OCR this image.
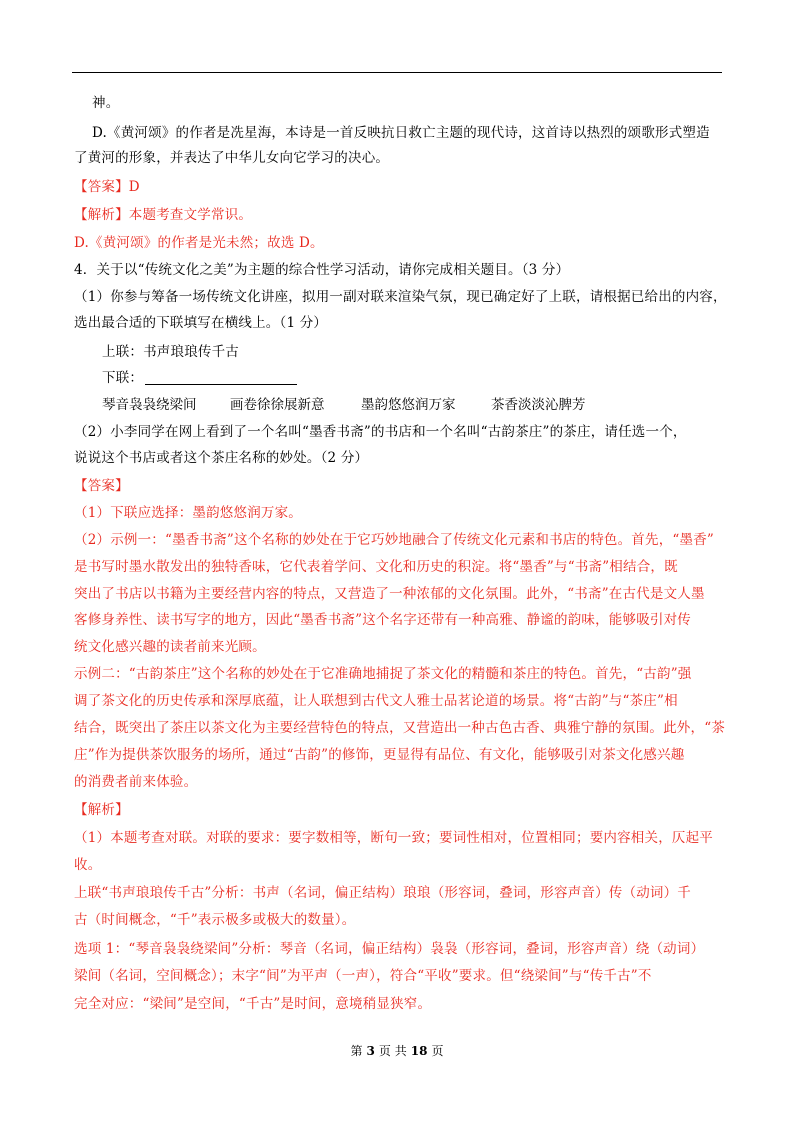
神。
D.《黄河颂》的作者是冼星海，本诗是一首反映抗日救亡主题的现代诗，这首诗以热烈的颂歌形式塑造
了黄河的形象，并表达了中华儿女向它学习的决心。
【答案】D
【解析】本题考查文学常识。
D.《黄河颂》的作者是光未然；故选 D。
4．关于以“传统文化之美”为主题的综合性学习活动，请你完成相关题目。（3 分）
（1）你参与筹备一场传统文化讲座，拟用一副对联来渲染气氛，现已确定好了上联，请根据已给出的内容，
选出最合适的下联填写在横线上。（1 分）
上联：书声琅琅传千古
下联：
琴音袅袅绕梁间 画卷徐徐展新意	墨韵悠悠润万家	茶香淡淡沁脾芳
（2）小李同学在网上看到了一个名叫“墨香书斋”的书店和一个名叫“古韵茶庄”的茶庄，请任选一个，
说说这个书店或者这个茶庄名称的妙处。（2 分）
【答案】
（1）下联应选择：墨韵悠悠润万家。
（2）示例一：“墨香书斋”这个名称的妙处在于它巧妙地融合了传统文化元素和书店的特色。首先，“墨香”
是书写时墨水散发出的独特香味，它代表着学问、文化和历史的积淀。将“墨香”与“书斋”相结合，既
突出了书店以书籍为主要经营内容的特点，又营造了一种浓郁的文化氛围。此外，“书斋”在古代是文人墨
客修身养性、读书写字的地方，因此“墨香书斋”这个名字还带有一种高雅、静谧的韵味，能够吸引对传
统文化感兴趣的读者前来光顾。
示例二：“古韵茶庄”这个名称的妙处在于它准确地捕捉了茶文化的精髓和茶庄的特色。首先，“古韵”强
调了茶文化的历史传承和深厚底蕴，让人联想到古代文人雅士品茗论道的场景。将“古韵”与“茶庄”相
结合，既突出了茶庄以茶文化为主要经营特色的特点，又营造出一种古色古香、典雅宁静的氛围。此外，“茶
庄”作为提供茶饮服务的场所，通过“古韵”的修饰，更显得有品位、有文化，能够吸引对茶文化感兴趣
的消费者前来体验。
【解析】
（1）本题考查对联。对联的要求：要字数相等，断句一致；要词性相对，位置相同；要内容相关，仄起平
收。
上联“书声琅琅传千古”分析：书声（名词，偏正结构）琅琅（形容词，叠词，形容声音）传（动词）千
古（时间概念，“千”表示极多或极大的数量）。
选项 1：“琴音袅袅绕梁间”分析：琴音（名词，偏正结构）袅袅（形容词，叠词，形容声音）绕（动词）
梁间（名词，空间概念）；末字“间”为平声（一声），符合“平收”要求。但“绕梁间”与“传千古”不
完全对应：“梁间”是空间，“千古”是时间，意境稍显狭窄。
第 3 页 共 18 页
